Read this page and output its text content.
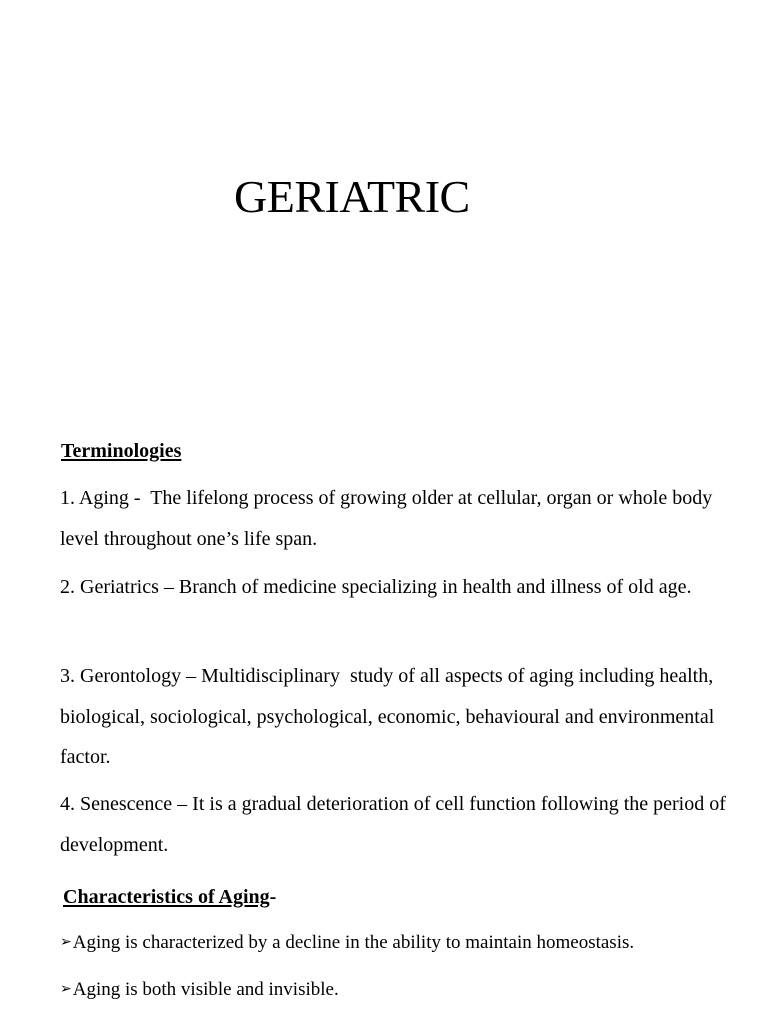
GERIATRIC
Terminologies
1. Aging -  The lifelong process of growing older at cellular, organ or whole body level throughout one’s life span.
2. Geriatrics – Branch of medicine specializing in health and illness of old age.
3. Gerontology – Multidisciplinary  study of all aspects of aging including health, biological, sociological, psychological, economic, behavioural and environmental factor.
4. Senescence – It is a gradual deterioration of cell function following the period of development.
Characteristics of Aging-
➢Aging is characterized by a decline in the ability to maintain homeostasis.
➢Aging is both visible and invisible.
